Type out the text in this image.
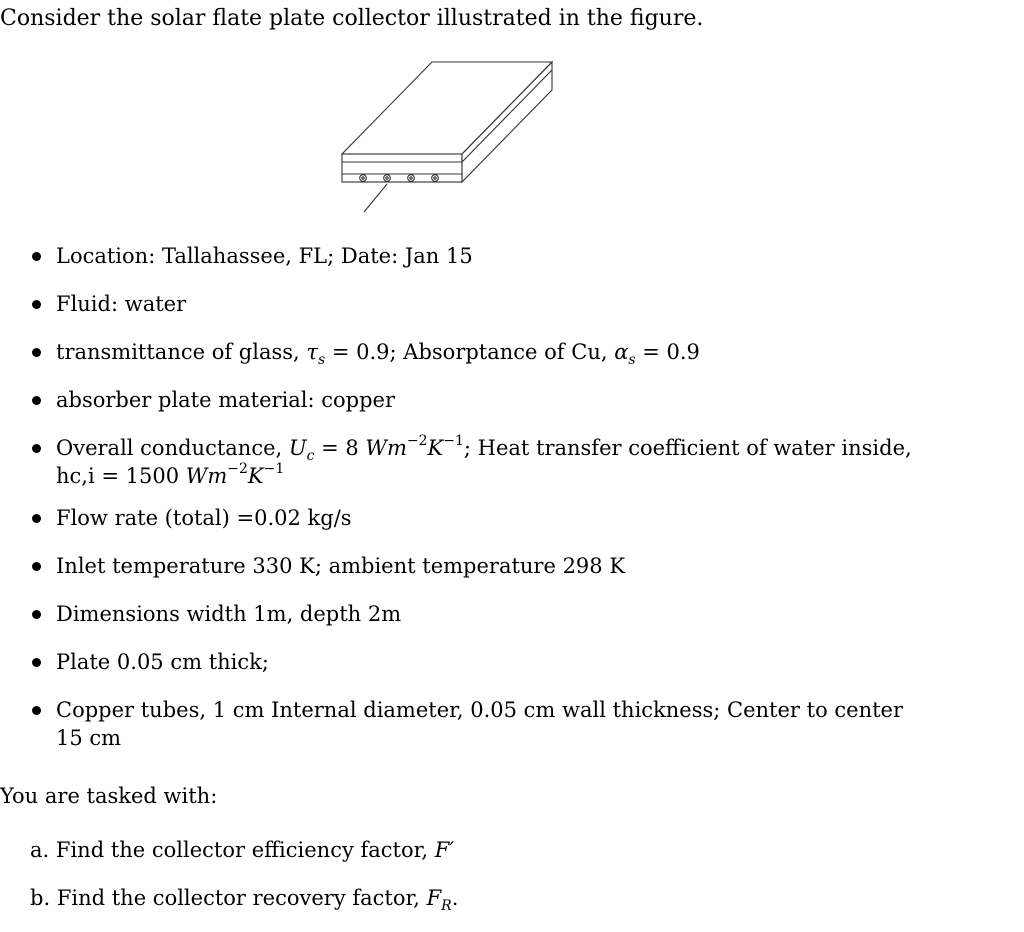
Consider the solar flate plate collector illustrated in the figure.
Location: Tallahassee, FL; Date: Jan 15
Fluid: water
transmittance of glass, $\tau_s = 0.9$; Absorptance of Cu, $\alpha_s = 0.9$
absorber plate material: copper
Overall conductance, $U_c = 8$ $Wm^{-2}K^{-1}$; Heat transfer coefficient of water inside, hc,i = 1500 $Wm^{-2}K^{-1}$
Flow rate (total) =0.02 kg/s
Inlet temperature 330 K; ambient temperature 298 K
Dimensions width 1m, depth 2m
Plate 0.05 cm thick;
Copper tubes, 1 cm Internal diameter, 0.05 cm wall thickness; Center to center 15 cm
You are tasked with:
a. Find the collector efficiency factor, F′
b. Find the collector recovery factor, $F_R$.
